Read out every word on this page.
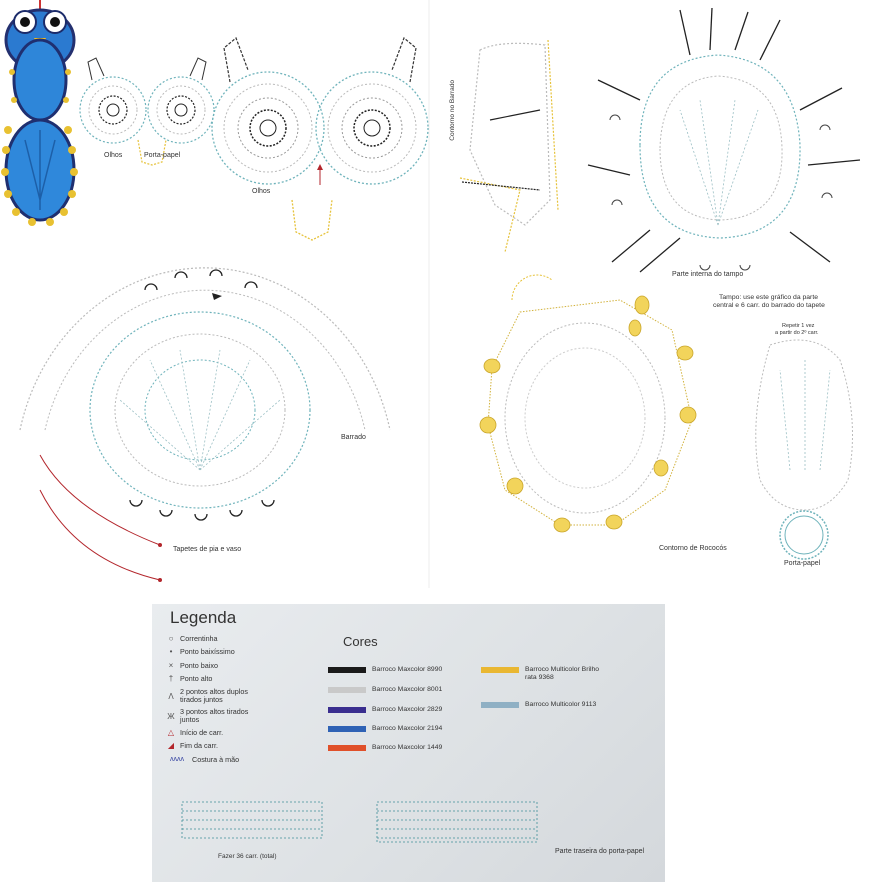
Olhos	Porta-papel
Olhos
Contorno no Barrado
Parte interna do tampo
Tampo: use este gráfico da parte
central e 6 carr. do barrado do tapete
Repetir 1 vez
a partir do 2º carr.
Barrado
Tapetes de pia e vaso	Contorno de Rococós
Porta-papel
Legenda
○ Correntinha
•	Ponto baixíssimo
× Ponto baixo
† Ponto alto
Λ 2 pontos altos duplos tirados juntos
Ж 3 pontos altos tirados juntos
△ Início de carr.
◢ Fim da carr.
ʌʌʌʌ	Costura à mão
Cores
Barroco Maxcolor 8990
Barroco Maxcolor 8001
Barroco Maxcolor 2829
Barroco Maxcolor 2194
Barroco Maxcolor 1449
Barroco Multicolor Brilho rata 9368
Barroco Multicolor 9113
Fazer 36 carr. (total)
Parte traseira do porta-papel
